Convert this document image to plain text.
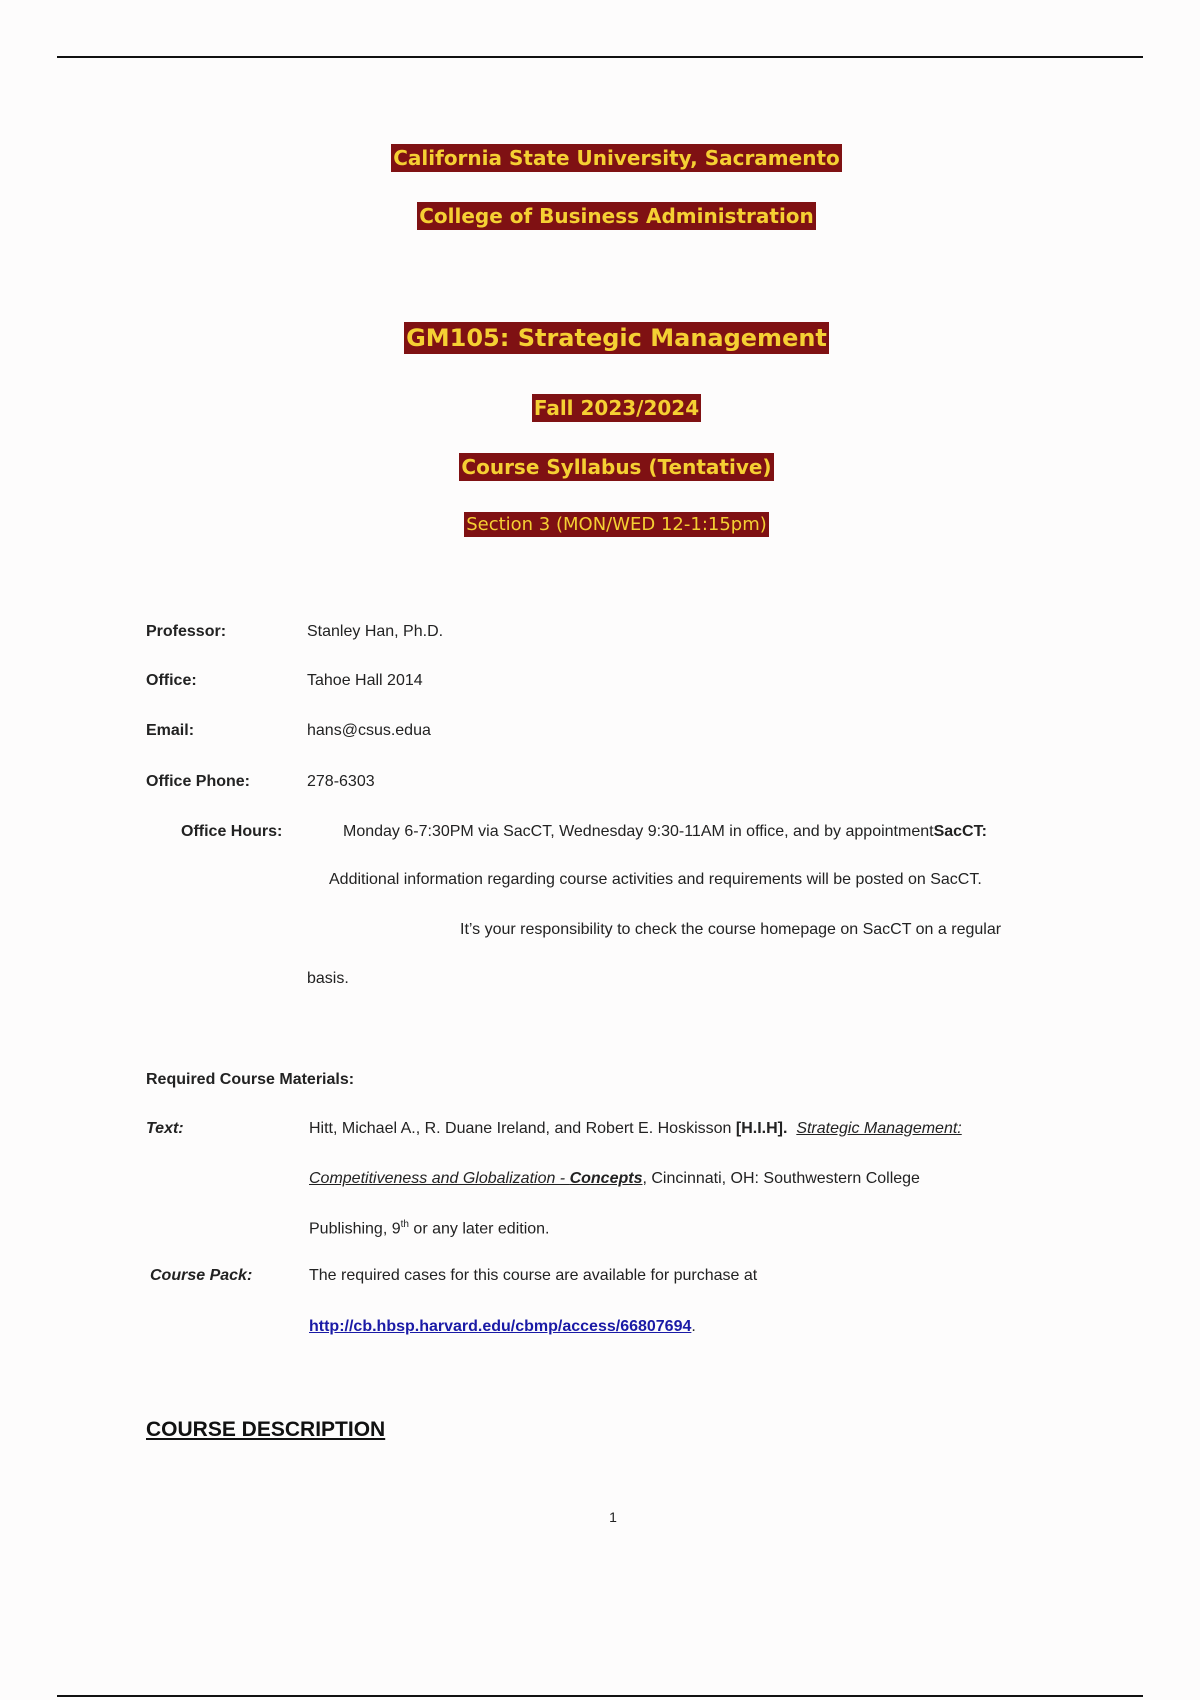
California State University, Sacramento
College of Business Administration
GM105: Strategic Management
Fall 2023/2024
Course Syllabus (Tentative)
Section 3 (MON/WED 12-1:15pm)
Professor:	Stanley Han, Ph.D.
Office:	Tahoe Hall 2014
Email:	hans@csus.edua
Office Phone:	278-6303
Office Hours:	Monday 6-7:30PM via SacCT, Wednesday 9:30-11AM in office, and by appointmentSacCT:
Additional information regarding course activities and requirements will be posted on SacCT.
It’s your responsibility to check the course homepage on SacCT on a regular
basis.
Required Course Materials:
Text:	Hitt, Michael A., R. Duane Ireland, and Robert E. Hoskisson [H.I.H]. Strategic Management:
Competitiveness and Globalization - Concepts, Cincinnati, OH: Southwestern College
Publishing, 9th or any later edition.
Course Pack:	The required cases for this course are available for purchase at
http://cb.hbsp.harvard.edu/cbmp/access/66807694.
COURSE DESCRIPTION
1
